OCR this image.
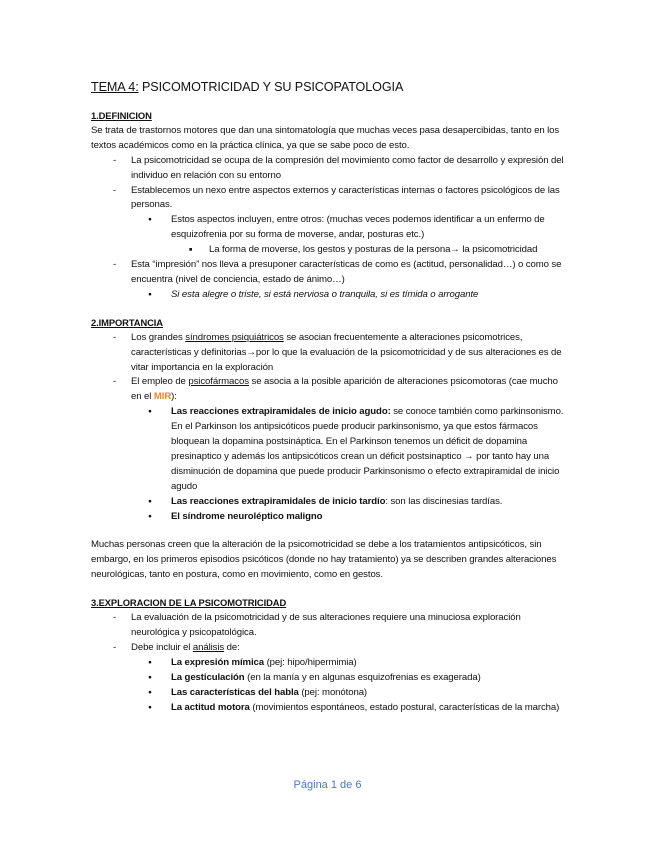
TEMA 4: PSICOMOTRICIDAD Y SU PSICOPATOLOGIA

1.DEFINICION

Se trata de trastornos motores que dan una sintomatología que muchas veces pasa desapercibidas, tanto en los textos académicos como en la práctica clínica, ya que se sabe poco de esto.

- La psicomotricidad se ocupa de la compresión del movimiento como factor de desarrollo y expresión del individuo en relación con su entorno

- Establecemos un nexo entre aspectos externos y características internas o factores psicológicos de las personas.

● Estos aspectos incluyen, entre otros: (muchas veces podemos identificar a un enfermo de esquizofrenia por su forma de moverse, andar, posturas etc.)

■ La forma de moverse, los gestos y posturas de la persona→ la psicomotricidad

- Esta “impresión” nos lleva a presuponer características de como es (actitud, personalidad…) o como se encuentra (nivel de conciencia, estado de ánimo…)

● Si esta alegre o triste, si está nerviosa o tranquila, si es tímida o arrogante

2.IMPORTANCIA

- Los grandes síndromes psiquiátricos se asocian frecuentemente a alteraciones psicomotrices, características y definitorias→por lo que la evaluación de la psicomotricidad y de sus alteraciones es de vitar importancia en la exploración

- El empleo de psicofármacos se asocia a la posible aparición de alteraciones psicomotoras (cae mucho en el MIR):

● Las reacciones extrapiramidales de inicio agudo: se conoce también como parkinsonismo. En el Parkinson los antipsicóticos puede producir parkinsonismo, ya que estos fármacos bloquean la dopamina postsináptica. En el Parkinson tenemos un déficit de dopamina presinaptico y además los antipsicóticos crean un déficit postsinaptico → por tanto hay una disminución de dopamina que puede producir Parkinsonismo o efecto extrapiramidal de inicio agudo

● Las reacciones extrapiramidales de inicio tardío: son las discinesias tardías.

● El síndrome neuroléptico maligno

Muchas personas creen que la alteración de la psicomotricidad se debe a los tratamientos antipsicóticos, sin embargo, en los primeros episodios psicóticos (donde no hay tratamiento) ya se describen grandes alteraciones neurológicas, tanto en postura, como en movimiento, como en gestos.

3.EXPLORACION DE LA PSICOMOTRICIDAD

- La evaluación de la psicomotricidad y de sus alteraciones requiere una minuciosa exploración neurológica y psicopatológica.

- Debe incluir el análisis de:

● La expresión mímica (pej: hipo/hipermimia)

● La gesticulación (en la manía y en algunas esquizofrenias es exagerada)

● Las características del habla (pej: monótona)

● La actitud motora (movimientos espontáneos, estado postural, características de la marcha)

Página 1 de 6
